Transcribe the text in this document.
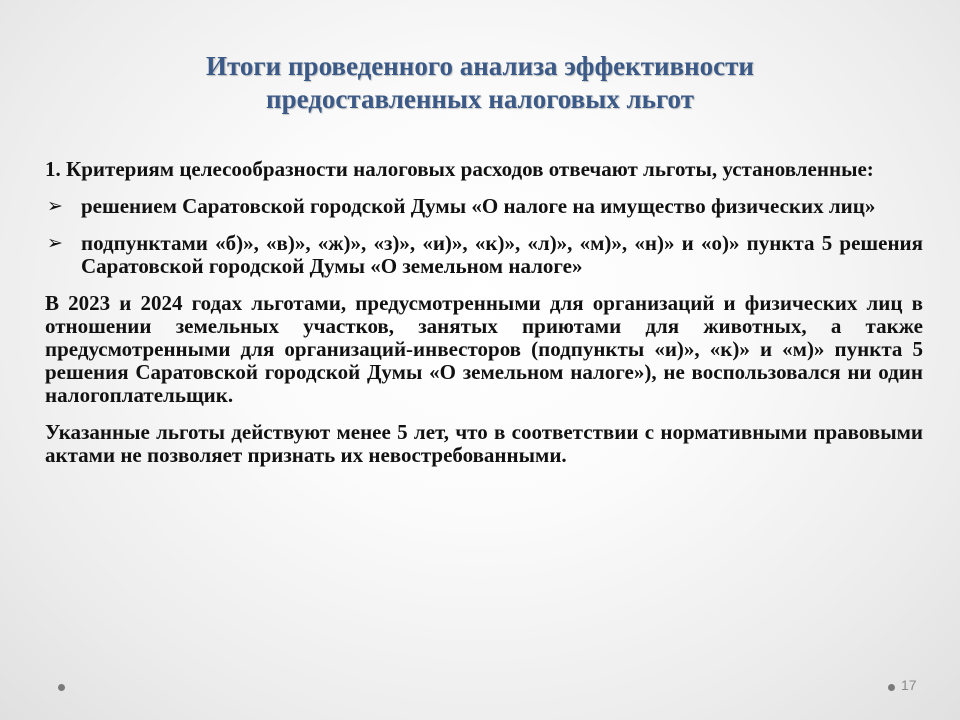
Итоги проведенного анализа эффективности
предоставленных налоговых льгот
1. Критериям целесообразности налоговых расходов отвечают льготы, установленные:
➢ решением Саратовской городской Думы «О налоге на имущество физических лиц»
➢ подпунктами «б)», «в)», «ж)», «з)», «и)», «к)», «л)», «м)», «н)» и «о)» пункта 5 решения Саратовской городской Думы «О земельном налоге»
В 2023 и 2024 годах льготами, предусмотренными для организаций и физических лиц в отношении земельных участков, занятых приютами для животных, а также предусмотренными для организаций-инвесторов (подпункты «и)», «к)» и «м)» пункта 5 решения Саратовской городской Думы «О земельном налоге»), не воспользовался ни один налогоплательщик.
Указанные льготы действуют менее 5 лет, что в соответствии с нормативными правовыми актами не позволяет признать их невостребованными.
17
